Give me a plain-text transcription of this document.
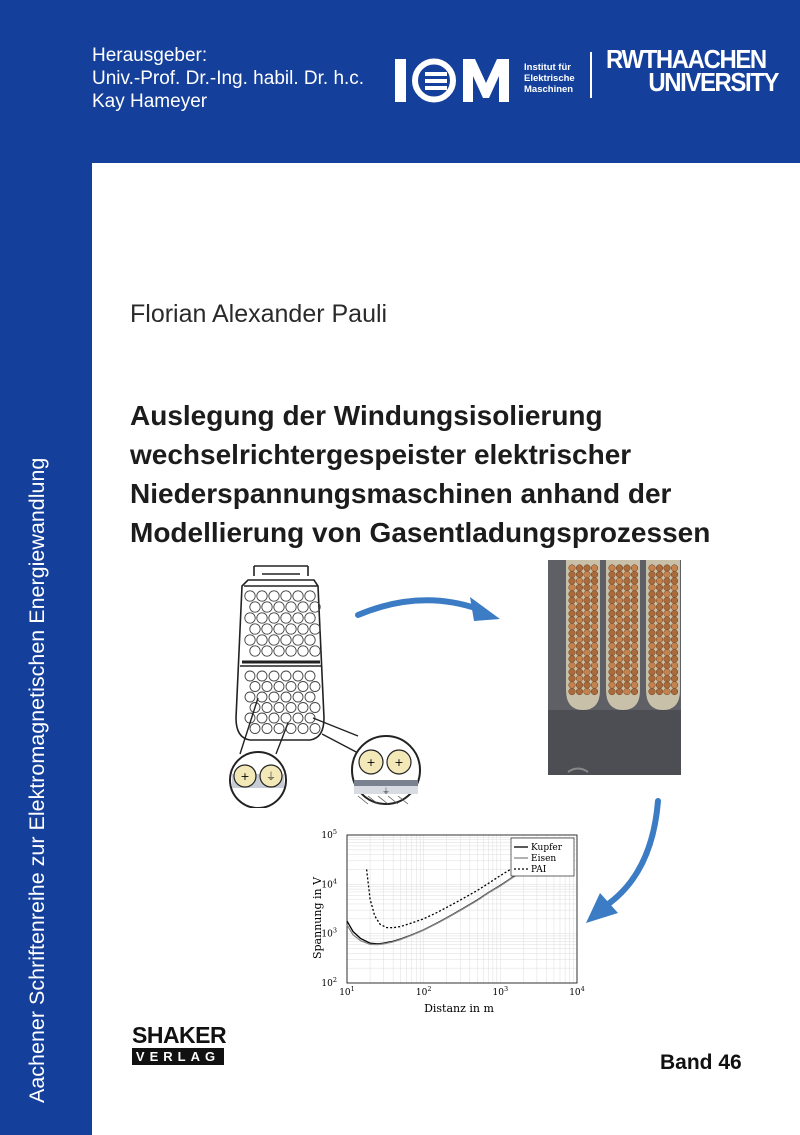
Herausgeber:
Univ.-Prof. Dr.-Ing. habil. Dr. h.c.
Kay Hameyer
Institut für
Elektrische
Maschinen
RWTHAACHEN
UNIVERSITY
Aachener Schriftenreihe zur Elektromagnetischen Energiewandlung
Florian Alexander Pauli
Auslegung der Windungsisolierung
wechselrichtergespeister elektrischer
Niederspannungsmaschinen anhand der
Modellierung von Gasentladungsprozessen
+ ⏚
+ +
⏚
$10^1$	$10^2$	$10^3$	$10^4$
$10^2$
$10^3$
$10^4$
$10^5$
Kupfer
Eisen
PAI
Distanz in m
Spannung in V
SHAKER
VERLAG	Band 46
